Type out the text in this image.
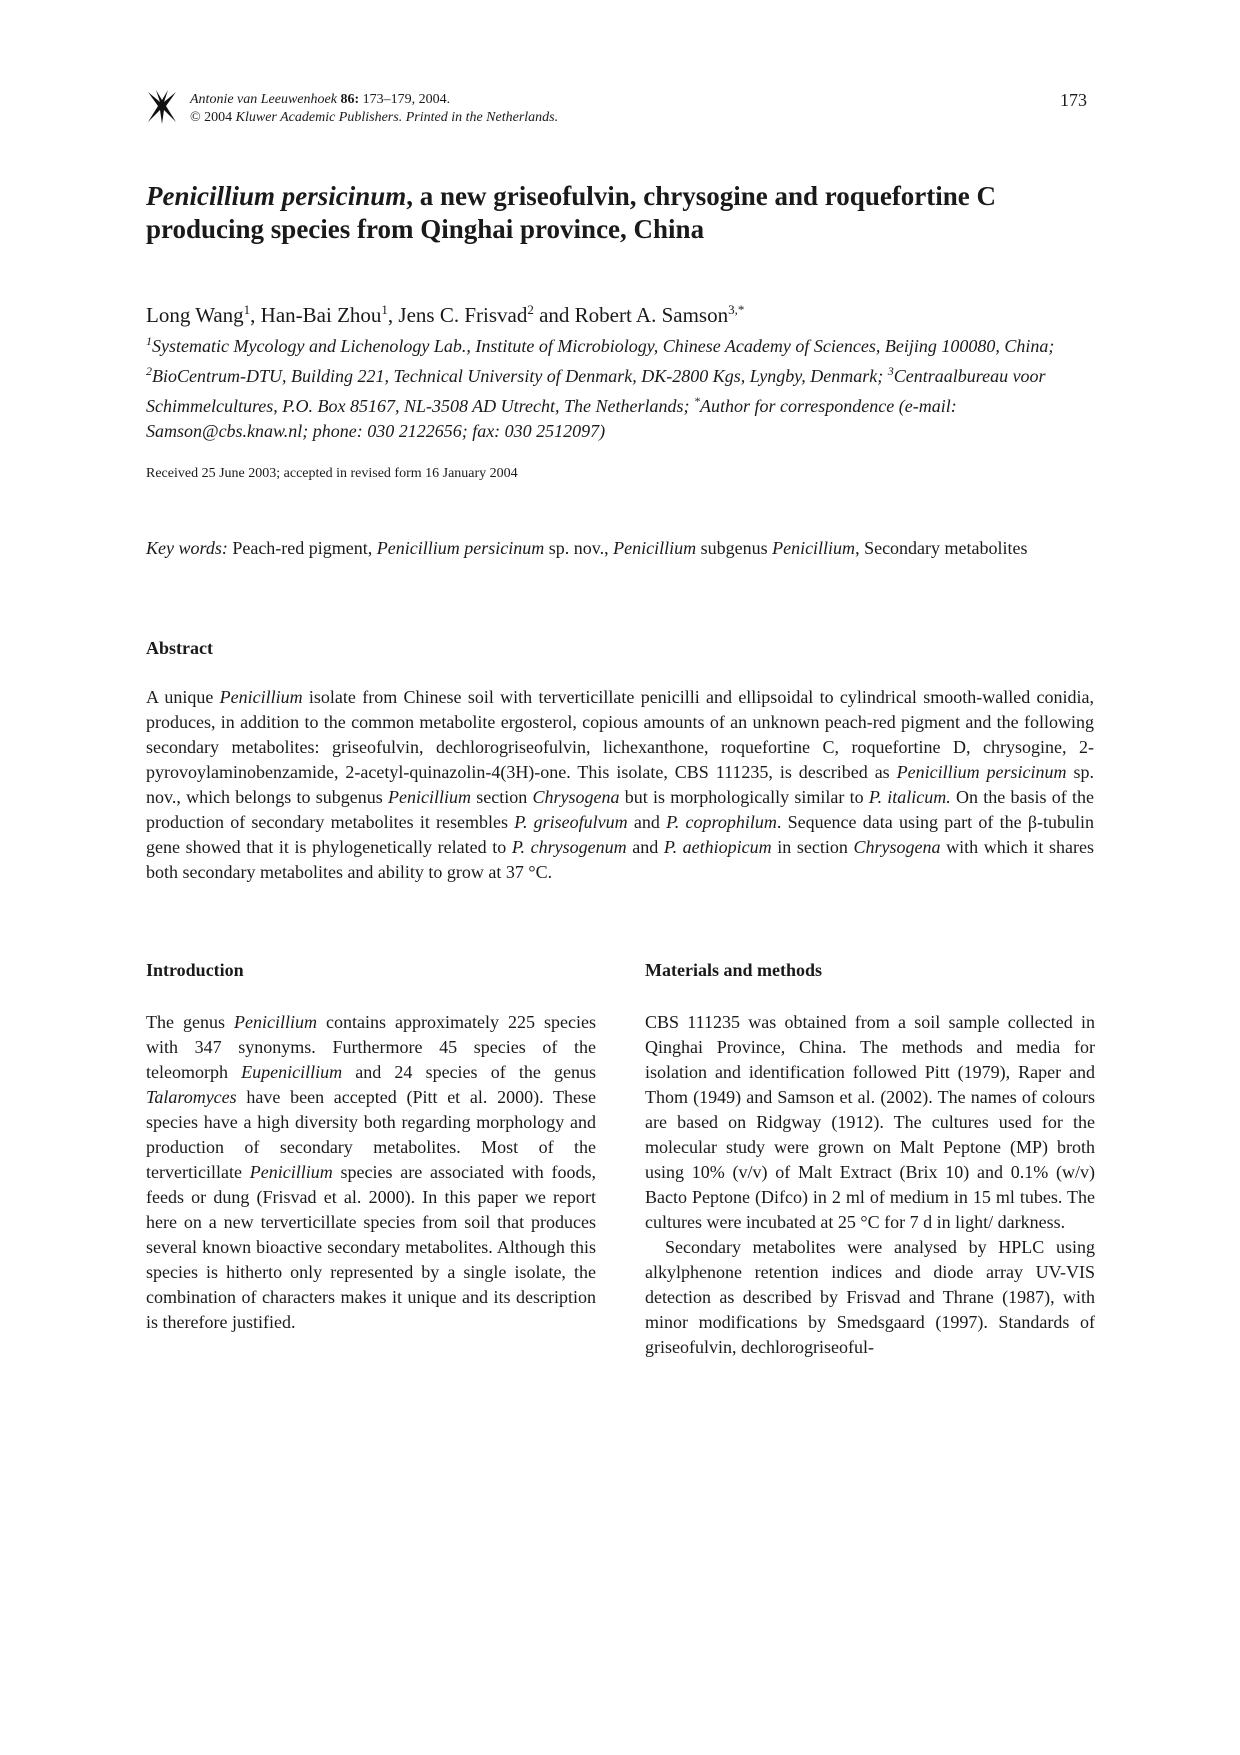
Antonie van Leeuwenhoek 86: 173–179, 2004.
© 2004 Kluwer Academic Publishers. Printed in the Netherlands.
173
Penicillium persicinum, a new griseofulvin, chrysogine and roquefortine C producing species from Qinghai province, China
Long Wang$^1$, Han-Bai Zhou$^1$, Jens C. Frisvad$^2$ and Robert A. Samson$^{3,*}$
$^1$Systematic Mycology and Lichenology Lab., Institute of Microbiology, Chinese Academy of Sciences, Beijing 100080, China; $^2$BioCentrum-DTU, Building 221, Technical University of Denmark, DK-2800 Kgs, Lyngby, Denmark; $^3$Centraalbureau voor Schimmelcultures, P.O. Box 85167, NL-3508 AD Utrecht, The Netherlands; *Author for correspondence (e-mail: Samson@cbs.knaw.nl; phone: 030 2122656; fax: 030 2512097)
Received 25 June 2003; accepted in revised form 16 January 2004
Key words: Peach-red pigment, Penicillium persicinum sp. nov., Penicillium subgenus Penicillium, Secondary metabolites
Abstract
A unique Penicillium isolate from Chinese soil with terverticillate penicilli and ellipsoidal to cylindrical smooth-walled conidia, produces, in addition to the common metabolite ergosterol, copious amounts of an unknown peach-red pigment and the following secondary metabolites: griseofulvin, dechlorogriseofulvin, lichexanthone, roquefortine C, roquefortine D, chrysogine, 2-pyrovoylaminobenzamide, 2-acetyl-quinazolin-4(3H)-one. This isolate, CBS 111235, is described as Penicillium persicinum sp. nov., which belongs to subgenus Penicillium section Chrysogena but is morphologically similar to P. italicum. On the basis of the production of secondary metabolites it resembles P. griseofulvum and P. coprophilum. Sequence data using part of the β-tubulin gene showed that it is phylogenetically related to P. chrysogenum and P. aethiopicum in section Chrysogena with which it shares both secondary metabolites and ability to grow at 37 °C.
Introduction
The genus Penicillium contains approximately 225 species with 347 synonyms. Furthermore 45 species of the teleomorph Eupenicillium and 24 species of the genus Talaromyces have been accepted (Pitt et al. 2000). These species have a high diversity both regarding morphology and production of secondary metabolites. Most of the terverticillate Penicillium species are associated with foods, feeds or dung (Frisvad et al. 2000). In this paper we report here on a new terverticillate species from soil that produces several known bioactive secondary metabolites. Although this species is hitherto only represented by a single isolate, the combination of characters makes it unique and its description is therefore justified.
Materials and methods

CBS 111235 was obtained from a soil sample collected in Qinghai Province, China. The methods and media for isolation and identification followed Pitt (1979), Raper and Thom (1949) and Samson et al. (2002). The names of colours are based on Ridgway (1912). The cultures used for the molecular study were grown on Malt Peptone (MP) broth using 10% (v/v) of Malt Extract (Brix 10) and 0.1% (w/v) Bacto Peptone (Difco) in 2 ml of medium in 15 ml tubes. The cultures were incubated at 25 °C for 7 d in light/ darkness.

Secondary metabolites were analysed by HPLC using alkylphenone retention indices and diode array UV-VIS detection as described by Frisvad and Thrane (1987), with minor modifications by Smedsgaard (1997). Standards of griseofulvin, dechlorogriseoful-
